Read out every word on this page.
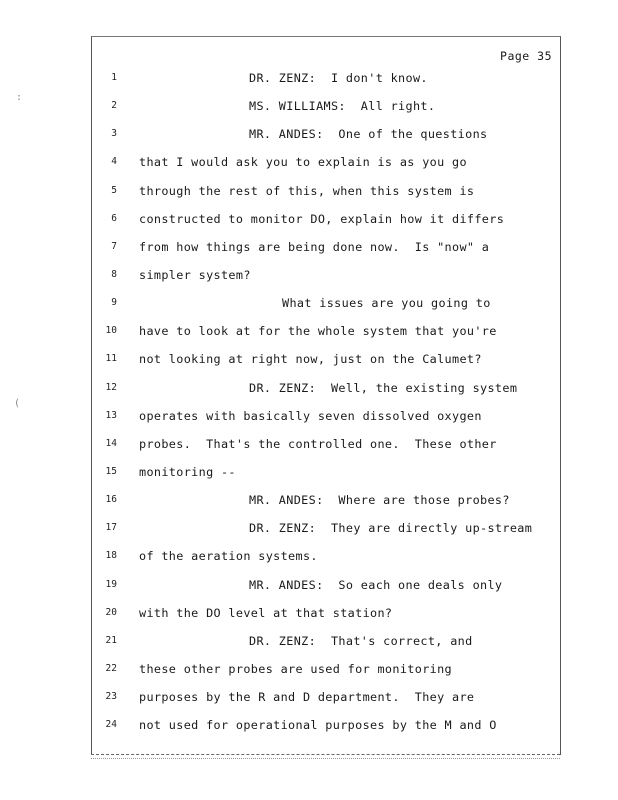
:
(
Page 35
1	DR. ZENZ:  I don't know.
2	MS. WILLIAMS:  All right.
3	MR. ANDES:  One of the questions
4 that I would ask you to explain is as you go
5 through the rest of this, when this system is
6 constructed to monitor DO, explain how it differs
7 from how things are being done now.  Is "now" a
8 simpler system?
9	What issues are you going to
10 have to look at for the whole system that you're
11 not looking at right now, just on the Calumet?
12	DR. ZENZ:  Well, the existing system
13 operates with basically seven dissolved oxygen
14 probes.  That's the controlled one.  These other
15 monitoring --
16	MR. ANDES:  Where are those probes?
17	DR. ZENZ:  They are directly up-stream
18 of the aeration systems.
19	MR. ANDES:  So each one deals only
20 with the DO level at that station?
21	DR. ZENZ:  That's correct, and
22 these other probes are used for monitoring
23 purposes by the R and D department.  They are
24 not used for operational purposes by the M and O
